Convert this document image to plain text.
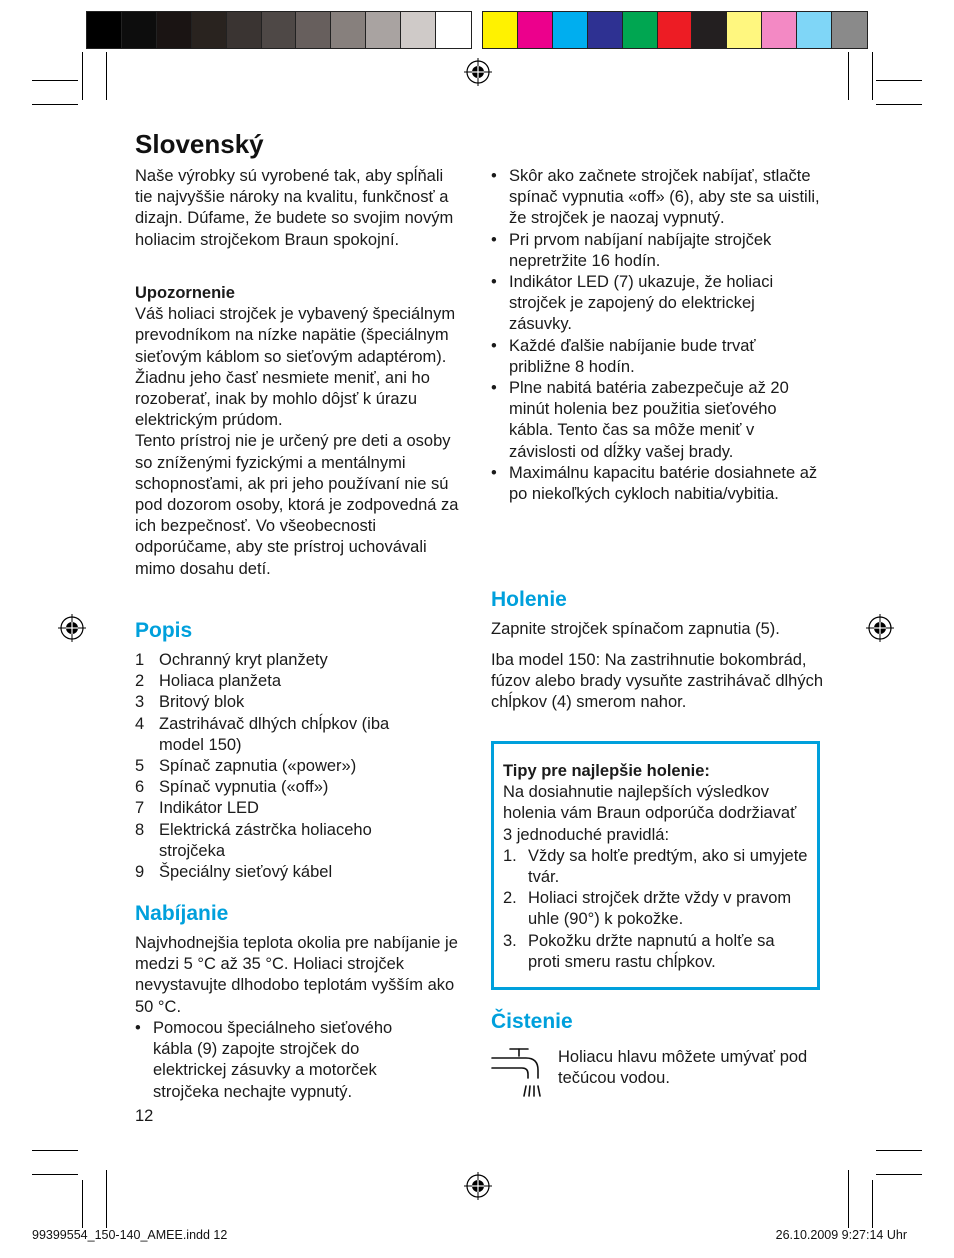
Slovenský
Naše výrobky sú vyrobené tak, aby spĺňali tie najvyššie nároky na kvalitu, funkčnosť a dizajn. Dúfame, že budete so svojim novým holiacim strojčekom Braun spokojní.
Upozornenie
Váš holiaci strojček je vybavený špeciálnym prevodníkom na nízke napätie (špeciálnym sieťovým káblom so sieťovým adaptérom). Žiadnu jeho časť nesmiete meniť, ani ho rozoberať, inak by mohlo dôjsť k úrazu elektrickým prúdom.
Tento prístroj nie je určený pre deti a osoby so zníženými fyzickými a mentálnymi schopnosťami, ak pri jeho používaní nie sú pod dozorom osoby, ktorá je zodpovedná za ich bezpečnosť. Vo všeobecnosti odporúčame, aby ste prístroj uchovávali mimo dosahu detí.
Popis
1 Ochranný kryt planžety
2 Holiaca planžeta
3 Britový blok
4 Zastrihávač dlhých chĺpkov (iba model 150)
5 Spínač zapnutia («power»)
6 Spínač vypnutia («off»)
7 Indikátor LED
8 Elektrická zástrčka holiaceho strojčeka
9 Špeciálny sieťový kábel
Nabíjanie
Najvhodnejšia teplota okolia pre nabíjanie je medzi 5 °C až 35 °C. Holiaci strojček nevystavujte dlhodobo teplotám vyšším ako 50 °C.
• Pomocou špeciálneho sieťového kábla (9) zapojte strojček do elektrickej zásuvky a motorček strojčeka nechajte vypnutý.
12
• Skôr ako začnete strojček nabíjať, stlačte spínač vypnutia «off» (6), aby ste sa uistili, že strojček je naozaj vypnutý.
• Pri prvom nabíjaní nabíjajte strojček nepretržite 16 hodín.
• Indikátor LED (7) ukazuje, že holiaci strojček je zapojený do elektrickej zásuvky.
• Každé ďalšie nabíjanie bude trvať približne 8 hodín.
• Plne nabitá batéria zabezpečuje až 20 minút holenia bez použitia sieťového kábla. Tento čas sa môže meniť v závislosti od dĺžky vašej brady.
• Maximálnu kapacitu batérie dosiahnete až po niekoľkých cykloch nabitia/vybitia.
Holenie
Zapnite strojček spínačom zapnutia (5).
Iba model 150: Na zastrihnutie bokombrád, fúzov alebo brady vysuňte zastrihávač dlhých chĺpkov (4) smerom nahor.
Tipy pre najlepšie holenie:
Na dosiahnutie najlepších výsledkov holenia vám Braun odporúča dodržiavať 3 jednoduché pravidlá:
1. Vždy sa holťe predtým, ako si umyjete tvár.
2. Holiaci strojček držte vždy v pravom uhle (90°) k pokožke.
3. Pokožku držte napnutú a holťe sa proti smeru rastu chĺpkov.
Čistenie
Holiacu hlavu môžete umývať pod tečúcou vodou.
99399554_150-140_AMEE.indd 12	26.10.2009 9:27:14 Uhr
